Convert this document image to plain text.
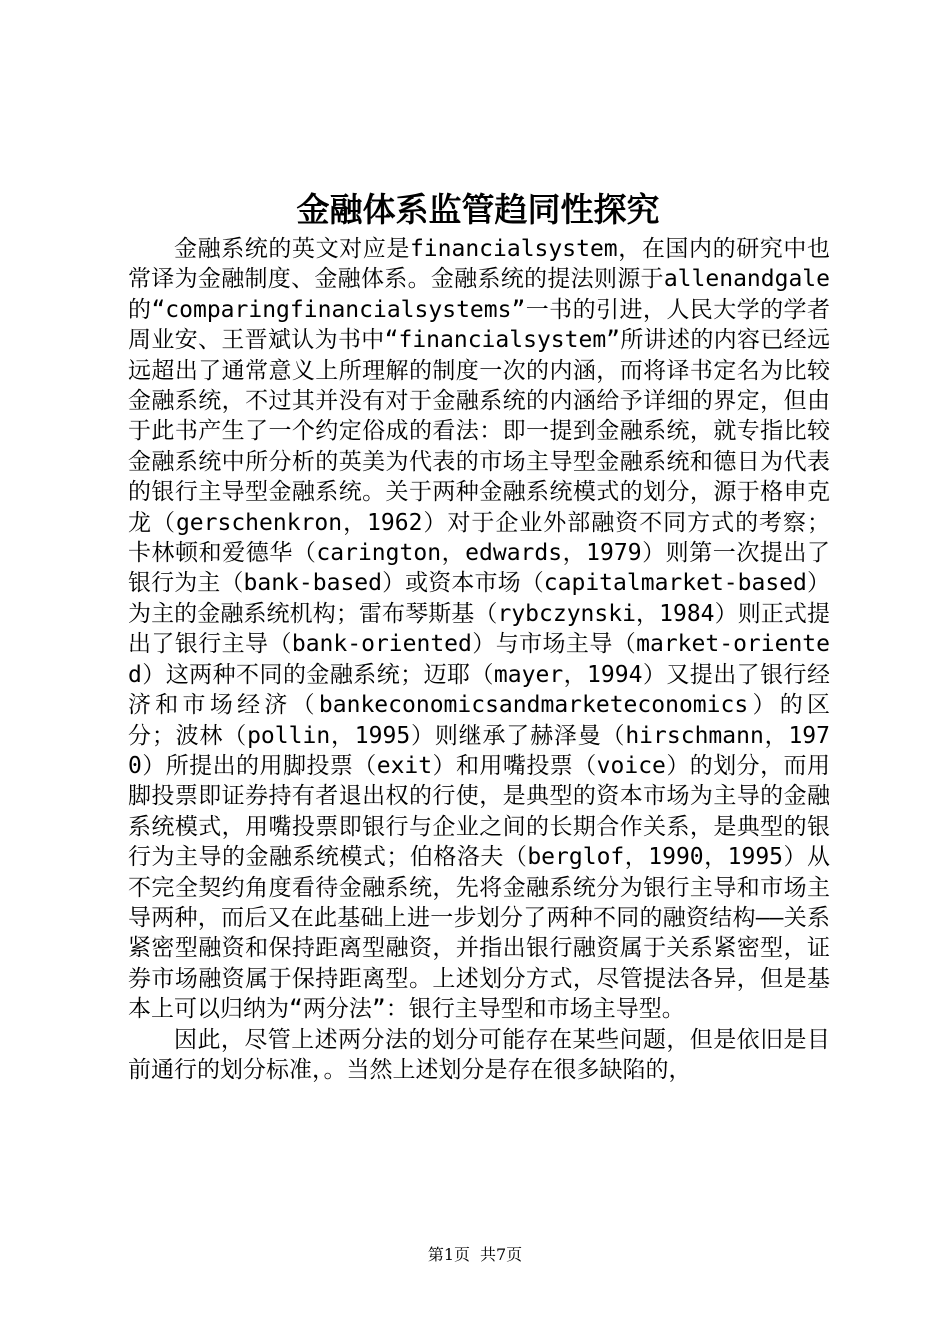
金融体系监管趋同性探究

金融系统的英文对应是financialsystem，在国内的研究中也常译为金融制度、金融体系。金融系统的提法则源于allenandgale的“comparingfinancialsystems”一书的引进，人民大学的学者周业安、王晋斌认为书中“financialsystem”所讲述的内容已经远远超出了通常意义上所理解的制度一次的内涵，而将译书定名为比较金融系统，不过其并没有对于金融系统的内涵给予详细的界定，但由于此书产生了一个约定俗成的看法：即一提到金融系统，就专指比较金融系统中所分析的英美为代表的市场主导型金融系统和德日为代表的银行主导型金融系统。关于两种金融系统模式的划分，源于格申克龙（gerschenkron，1962）对于企业外部融资不同方式的考察；卡林顿和爱德华（carington，edwards，1979）则第一次提出了银行为主（bank-based）或资本市场（capitalmarket-based）为主的金融系统机构；雷布琴斯基（rybczynski，1984）则正式提出了银行主导（bank-oriented）与市场主导（market-oriented）这两种不同的金融系统；迈耶（mayer，1994）又提出了银行经济和市场经济（bankeconomicsandmarketeconomics）的区分；波林（pollin，1995）则继承了赫泽曼（hirschmann，1970）所提出的用脚投票（exit）和用嘴投票（voice）的划分，而用脚投票即证券持有者退出权的行使，是典型的资本市场为主导的金融系统模式，用嘴投票即银行与企业之间的长期合作关系，是典型的银行为主导的金融系统模式；伯格洛夫（berglof，1990，1995）从不完全契约角度看待金融系统，先将金融系统分为银行主导和市场主导两种，而后又在此基础上进一步划分了两种不同的融资结构——关系紧密型融资和保持距离型融资，并指出银行融资属于关系紧密型，证券市场融资属于保持距离型。上述划分方式，尽管提法各异，但是基本上可以归纳为“两分法”：银行主导型和市场主导型。

因此，尽管上述两分法的划分可能存在某些问题，但是依旧是目前通行的划分标准，。当然上述划分是存在很多缺陷的，

第1页 共7页
